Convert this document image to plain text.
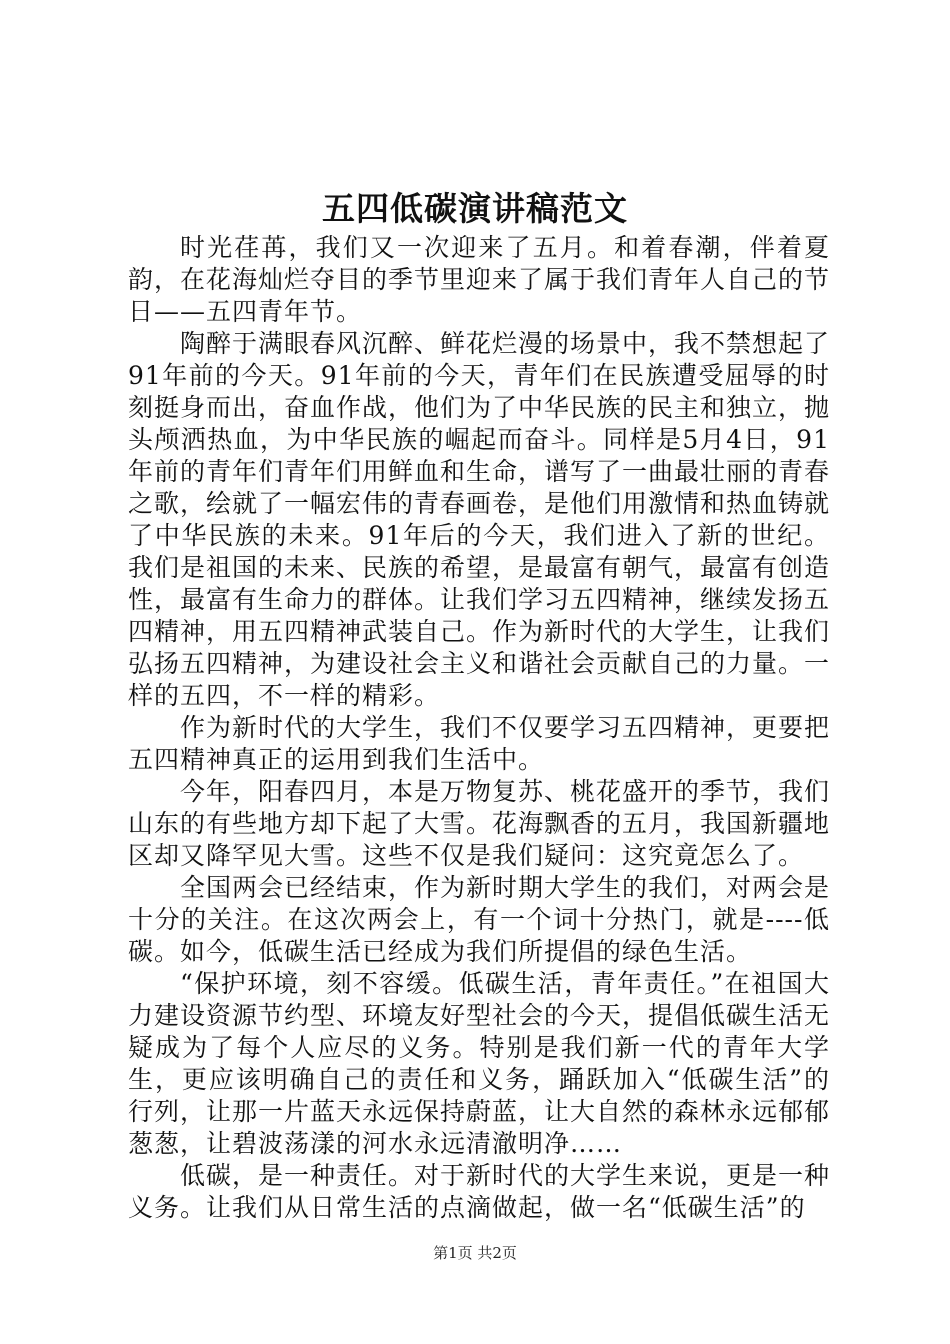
五四低碳演讲稿范文

时光荏苒，我们又一次迎来了五月。和着春潮，伴着夏韵，在花海灿烂夺目的季节里迎来了属于我们青年人自己的节日——五四青年节。

陶醉于满眼春风沉醉、鲜花烂漫的场景中，我不禁想起了91年前的今天。91年前的今天，青年们在民族遭受屈辱的时刻挺身而出，奋血作战，他们为了中华民族的民主和独立，抛头颅洒热血，为中华民族的崛起而奋斗。同样是5月4日，91年前的青年们青年们用鲜血和生命，谱写了一曲最壮丽的青春之歌，绘就了一幅宏伟的青春画卷，是他们用激情和热血铸就了中华民族的未来。91年后的今天，我们进入了新的世纪。我们是祖国的未来、民族的希望，是最富有朝气，最富有创造性，最富有生命力的群体。让我们学习五四精神，继续发扬五四精神，用五四精神武装自己。作为新时代的大学生，让我们弘扬五四精神，为建设社会主义和谐社会贡献自己的力量。一样的五四，不一样的精彩。

作为新时代的大学生，我们不仅要学习五四精神，更要把五四精神真正的运用到我们生活中。

今年，阳春四月，本是万物复苏、桃花盛开的季节，我们山东的有些地方却下起了大雪。花海飘香的五月，我国新疆地区却又降罕见大雪。这些不仅是我们疑问：这究竟怎么了。

全国两会已经结束，作为新时期大学生的我们，对两会是十分的关注。在这次两会上，有一个词十分热门，就是----低碳。如今，低碳生活已经成为我们所提倡的绿色生活。

“保护环境，刻不容缓。低碳生活，青年责任。”在祖国大力建设资源节约型、环境友好型社会的今天，提倡低碳生活无疑成为了每个人应尽的义务。特别是我们新一代的青年大学生，更应该明确自己的责任和义务，踊跃加入“低碳生活”的行列，让那一片蓝天永远保持蔚蓝，让大自然的森林永远郁郁葱葱，让碧波荡漾的河水永远清澈明净……

低碳，是一种责任。对于新时代的大学生来说，更是一种义务。让我们从日常生活的点滴做起，做一名“低碳生活”的

第1页 共2页
